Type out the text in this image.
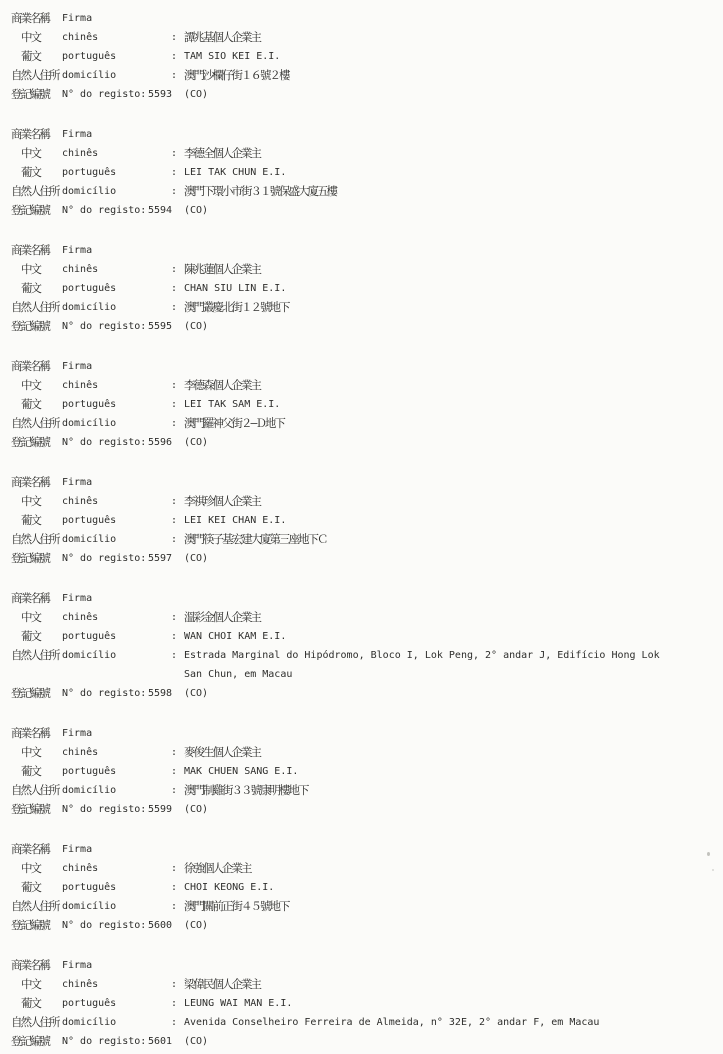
商業名稱 Firma
中文 chinês	: 譚兆基個人企業主
葡文 português	: TAM SIO KEI E.I.
自然人住所 domicílio	: 澳門沙欄仔街１６號２樓
登記編號 N° do registo: 5593 (CO)
商業名稱 Firma
中文 chinês	: 李德全個人企業主
葡文 português	: LEI TAK CHUN E.I.
自然人住所 domicílio	: 澳門下環小市街３１號保盛大廈五樓
登記編號 N° do registo: 5594 (CO)
商業名稱 Firma
中文 chinês	: 陳兆蓮個人企業主
葡文 português	: CHAN SIU LIN E.I.
自然人住所 domicílio	: 澳門叢慶北街１２號地下
登記編號 N° do registo: 5595 (CO)
商業名稱 Firma
中文 chinês	: 李德森個人企業主
葡文 português	: LEI TAK SAM E.I.
自然人住所 domicílio	: 澳門羅神父街２—Ｄ地下
登記編號 N° do registo: 5596 (CO)
商業名稱 Firma
中文 chinês	: 李祺珍個人企業主
葡文 português	: LEI KEI CHAN E.I.
自然人住所 domicílio	: 澳門筷子基宏建大廈第三座地下Ｃ
登記編號 N° do registo: 5597 (CO)
商業名稱 Firma
中文 chinês	: 溫彩金個人企業主
葡文 português	: WAN CHOI KAM E.I.
自然人住所 domicílio	: Estrada Marginal do Hipódromo, Bloco I, Lok Peng, 2° andar J, Edifício Hong Lok San Chun, em Macau
登記編號 N° do registo: 5598 (CO)
商業名稱 Firma
中文 chinês	: 麥俊生個人企業主
葡文 português	: MAK CHUEN SANG E.I.
自然人住所 domicílio	: 澳門制雞街３３號康明樓地下
登記編號 N° do registo: 5599 (CO)
商業名稱 Firma
中文 chinês	: 徐強個人企業主
葡文 português	: CHOI KEONG E.I.
自然人住所 domicílio	: 澳門關前正街４５號地下
登記編號 N° do registo: 5600 (CO)
商業名稱 Firma
中文 chinês	: 梁偉民個人企業主
葡文 português	: LEUNG WAI MAN E.I.
自然人住所 domicílio	: Avenida Conselheiro Ferreira de Almeida, n° 32E, 2° andar F, em Macau
登記編號 N° do registo: 5601 (CO)
